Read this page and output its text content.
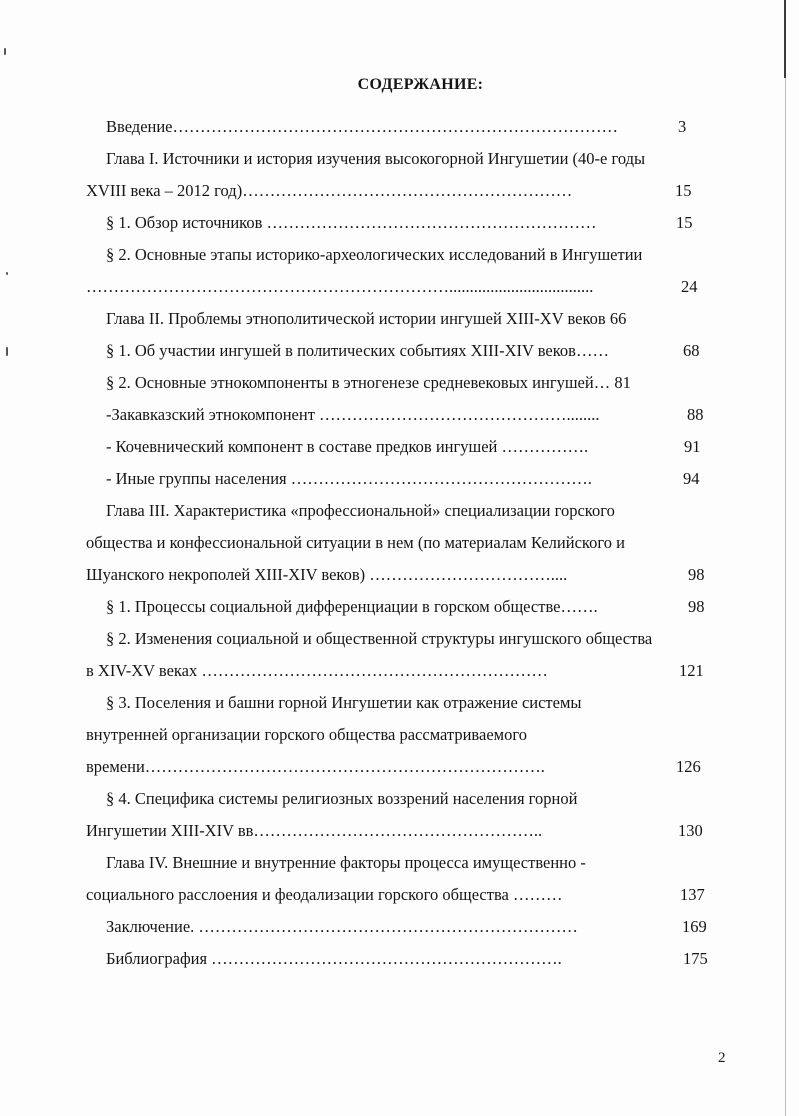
СОДЕРЖАНИЕ:
Введение………………………………………………………………………	3
Глава I. Источники и история изучения высокогорной Ингушетии (40-е годы
XVIII века – 2012 год)……………………………………………………	15
§ 1. Обзор источников ……………………………………………………	15
§ 2. Основные этапы историко-археологических исследований в Ингушетии
…………………………………………………………...................................	24
Глава II. Проблемы этнополитической истории ингушей XIII-XV веков 66
§ 1. Об участии ингушей в политических событиях XIII-XIV веков……	68
§ 2. Основные этнокомпоненты в этногенезе средневековых ингушей… 81
-Закавказский этнокомпонент ………………………………………........	88
- Кочевнический компонент в составе предков ингушей …………….	91
- Иные группы населения ……………………………………………….	94
Глава III. Характеристика «профессиональной» специализации горского
общества и конфессиональной ситуации в нем (по материалам Келийского и
Шуанского некрополей XIII-XIV веков) ……………………………....	98
§ 1. Процессы социальной дифференциации в горском обществе…….	98
§ 2. Изменения социальной и общественной структуры ингушского общества
в XIV-XV веках ………………………………………………………	121
§ 3. Поселения и башни горной Ингушетии как отражение системы
внутренней организации горского общества рассматриваемого
времени……………………………………………………………….	126
§ 4. Специфика системы религиозных воззрений населения горной
Ингушетии XIII-XIV вв……………………………………………..	130
Глава IV. Внешние и внутренние факторы процесса имущественно -
социального расслоения и феодализации горского общества ………	137
Заключение. ……………………………………………………………	169
Библиография ……………………………………………………….	175
2
